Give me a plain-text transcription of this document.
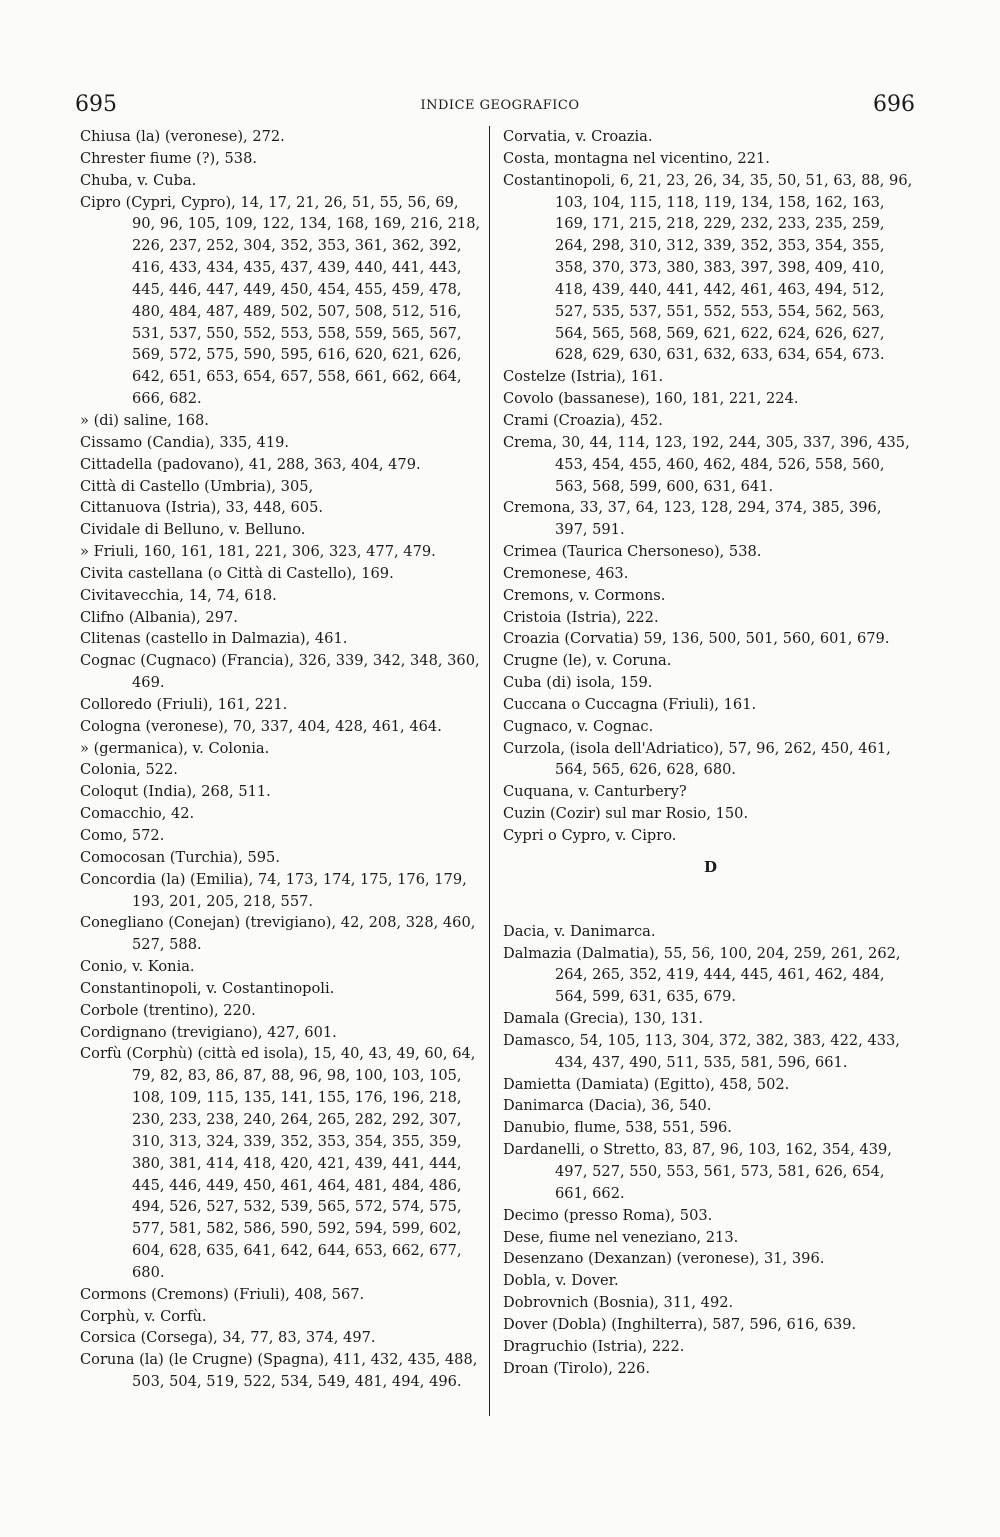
695	INDICE GEOGRAFICO	696

Chiusa (la) (veronese), 272.

Chrester fiume (?), 538.

Chuba, v. Cuba.

Cipro (Cypri, Cypro), 14, 17, 21, 26, 51, 55, 56, 69, 90, 96, 105, 109, 122, 134, 168, 169, 216, 218, 226, 237, 252, 304, 352, 353, 361, 362, 392, 416, 433, 434, 435, 437, 439, 440, 441, 443, 445, 446, 447, 449, 450, 454, 455, 459, 478, 480, 484, 487, 489, 502, 507, 508, 512, 516, 531, 537, 550, 552, 553, 558, 559, 565, 567, 569, 572, 575, 590, 595, 616, 620, 621, 626, 642, 651, 653, 654, 657, 558, 661, 662, 664, 666, 682.

» (di) saline, 168.

Cissamo (Candia), 335, 419.

Cittadella (padovano), 41, 288, 363, 404, 479.

Città di Castello (Umbria), 305,

Cittanuova (Istria), 33, 448, 605.

Cividale di Belluno, v. Belluno.

» Friuli, 160, 161, 181, 221, 306, 323, 477, 479.

Civita castellana (o Città di Castello), 169.

Civitavecchia, 14, 74, 618.

Clifno (Albania), 297.

Clitenas (castello in Dalmazia), 461.

Cognac (Cugnaco) (Francia), 326, 339, 342, 348, 360, 469.

Colloredo (Friuli), 161, 221.

Cologna (veronese), 70, 337, 404, 428, 461, 464.

» (germanica), v. Colonia.

Colonia, 522.

Coloqut (India), 268, 511.

Comacchio, 42.

Como, 572.

Comocosan (Turchia), 595.

Concordia (la) (Emilia), 74, 173, 174, 175, 176, 179, 193, 201, 205, 218, 557.

Conegliano (Conejan) (trevigiano), 42, 208, 328, 460, 527, 588.

Conio, v. Konia.

Constantinopoli, v. Costantinopoli.

Corbole (trentino), 220.

Cordignano (trevigiano), 427, 601.

Corfù (Corphù) (città ed isola), 15, 40, 43, 49, 60, 64, 79, 82, 83, 86, 87, 88, 96, 98, 100, 103, 105, 108, 109, 115, 135, 141, 155, 176, 196, 218, 230, 233, 238, 240, 264, 265, 282, 292, 307, 310, 313, 324, 339, 352, 353, 354, 355, 359, 380, 381, 414, 418, 420, 421, 439, 441, 444, 445, 446, 449, 450, 461, 464, 481, 484, 486, 494, 526, 527, 532, 539, 565, 572, 574, 575, 577, 581, 582, 586, 590, 592, 594, 599, 602, 604, 628, 635, 641, 642, 644, 653, 662, 677, 680.

Cormons (Cremons) (Friuli), 408, 567.

Corphù, v. Corfù.

Corsica (Corsega), 34, 77, 83, 374, 497.

Coruna (la) (le Crugne) (Spagna), 411, 432, 435, 488, 503, 504, 519, 522, 534, 549, 481, 494, 496.

Corvatia, v. Croazia.

Costa, montagna nel vicentino, 221.

Costantinopoli, 6, 21, 23, 26, 34, 35, 50, 51, 63, 88, 96, 103, 104, 115, 118, 119, 134, 158, 162, 163, 169, 171, 215, 218, 229, 232, 233, 235, 259, 264, 298, 310, 312, 339, 352, 353, 354, 355, 358, 370, 373, 380, 383, 397, 398, 409, 410, 418, 439, 440, 441, 442, 461, 463, 494, 512, 527, 535, 537, 551, 552, 553, 554, 562, 563, 564, 565, 568, 569, 621, 622, 624, 626, 627, 628, 629, 630, 631, 632, 633, 634, 654, 673.

Costelze (Istria), 161.

Covolo (bassanese), 160, 181, 221, 224.

Crami (Croazia), 452.

Crema, 30, 44, 114, 123, 192, 244, 305, 337, 396, 435, 453, 454, 455, 460, 462, 484, 526, 558, 560, 563, 568, 599, 600, 631, 641.

Cremona, 33, 37, 64, 123, 128, 294, 374, 385, 396, 397, 591.

Crimea (Taurica Chersoneso), 538.

Cremonese, 463.

Cremons, v. Cormons.

Cristoia (Istria), 222.

Croazia (Corvatia) 59, 136, 500, 501, 560, 601, 679.

Crugne (le), v. Coruna.

Cuba (di) isola, 159.

Cuccana o Cuccagna (Friuli), 161.

Cugnaco, v. Cognac.

Curzola, (isola dell'Adriatico), 57, 96, 262, 450, 461, 564, 565, 626, 628, 680.

Cuquana, v. Canturbery?

Cuzin (Cozir) sul mar Rosio, 150.

Cypri o Cypro, v. Cipro.

D

Dacia, v. Danimarca.

Dalmazia (Dalmatia), 55, 56, 100, 204, 259, 261, 262, 264, 265, 352, 419, 444, 445, 461, 462, 484, 564, 599, 631, 635, 679.

Damala (Grecia), 130, 131.

Damasco, 54, 105, 113, 304, 372, 382, 383, 422, 433, 434, 437, 490, 511, 535, 581, 596, 661.

Damietta (Damiata) (Egitto), 458, 502.

Danimarca (Dacia), 36, 540.

Danubio, flume, 538, 551, 596.

Dardanelli, o Stretto, 83, 87, 96, 103, 162, 354, 439, 497, 527, 550, 553, 561, 573, 581, 626, 654, 661, 662.

Decimo (presso Roma), 503.

Dese, fiume nel veneziano, 213.

Desenzano (Dexanzan) (veronese), 31, 396.

Dobla, v. Dover.

Dobrovnich (Bosnia), 311, 492.

Dover (Dobla) (Inghilterra), 587, 596, 616, 639.

Dragruchio (Istria), 222.

Droan (Tirolo), 226.
